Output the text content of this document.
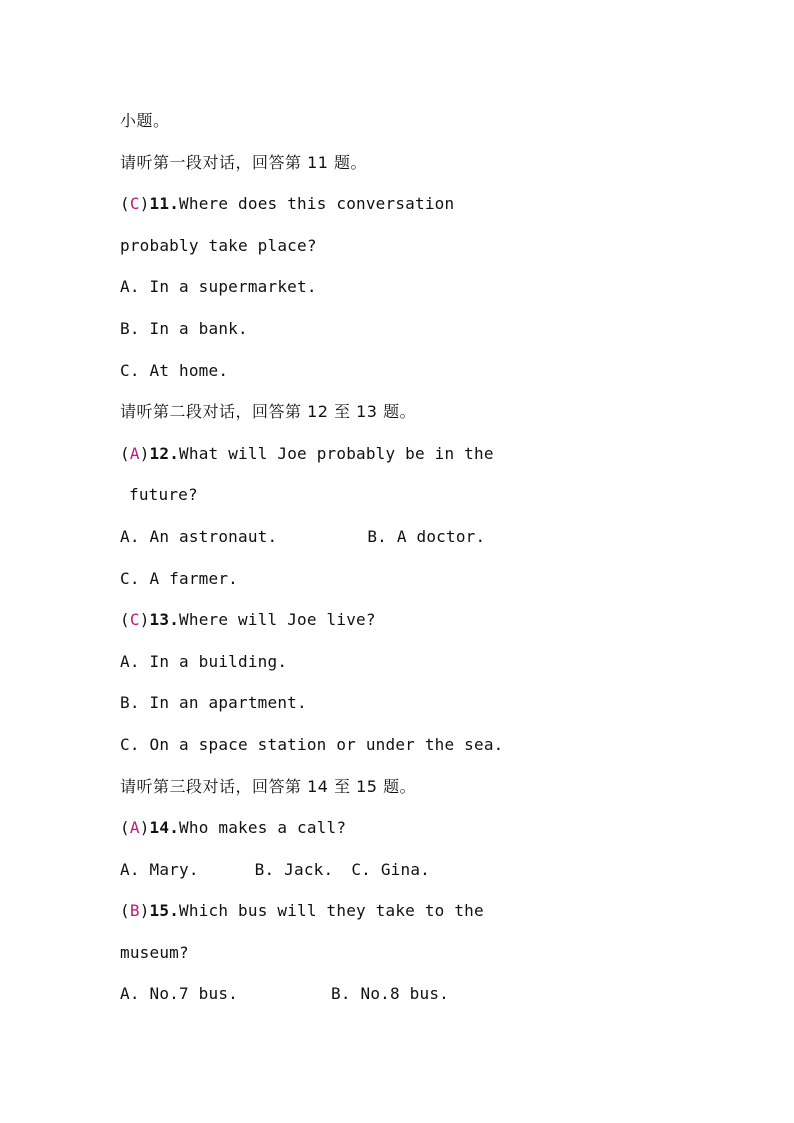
小题。
请听第一段对话，回答第 11 题。
(C)11.Where does this conversation
probably take place?
A. In a supermarket.
B. In a bank.
C. At home.
请听第二段对话，回答第 12 至 13 题。
(A)12.What will Joe probably be in the
future?
A. An astronaut.	B. A doctor.
C. A farmer.
(C)13.Where will Joe live?
A. In a building.
B. In an apartment.
C. On a space station or under the sea.
请听第三段对话，回答第 14 至 15 题。
(A)14.Who makes a call?
A. Mary.	B. Jack. C. Gina.
(B)15.Which bus will they take to the
museum?
A. No.7 bus.	B. No.8 bus.
